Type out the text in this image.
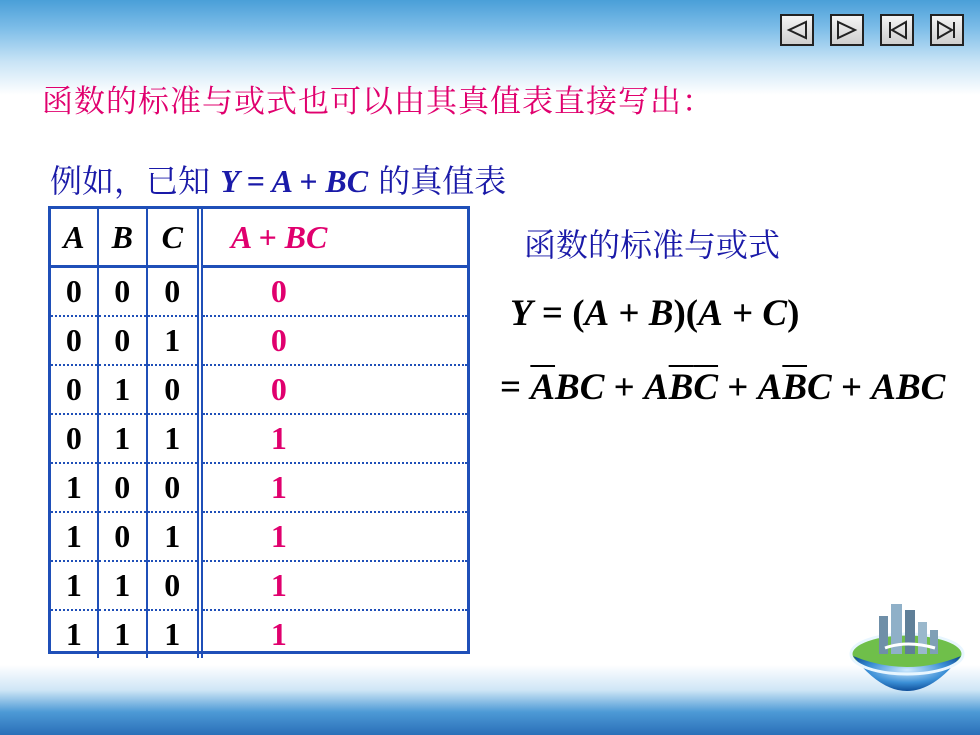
函数的标准与或式也可以由其真值表直接写出：
例如，已知 Y = A + BC 的真值表
A	B	C	A + BC
0	0	0	0
0	0	1	0
0	1	0	0
0	1	1	1
1	0	0	1
1	0	1	1
1	1	0	1
1	1	1	1
函数的标准与或式
Y = (A + B)(A + C)
= $\overline{A}BC + A\overline{B}\overline{C} + A\overline{B}C$ + ABC
